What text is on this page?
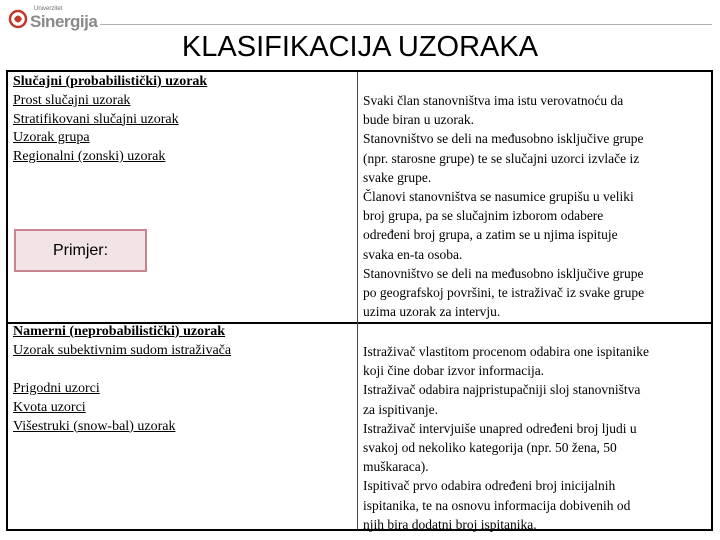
Univerzitet
Sinergija
KLASIFIKACIJA UZORAKA
Slučajni (probabilistički) uzorak
Prost slučajni uzorak
Stratifikovani slučajni uzorak
Uzorak grupa
Regionalni (zonski) uzorak
Primjer:
Svaki član stanovništva ima istu verovatnoću da
bude biran u uzorak.
Stanovništvo se deli na međusobno isključive grupe
(npr. starosne grupe) te se slučajni uzorci izvlače iz
svake grupe.
Članovi stanovništva se nasumice grupišu u veliki
broj grupa, pa se slučajnim izborom odabere
određeni broj grupa, a zatim se u njima ispituje
svaka en-ta osoba.
Stanovništvo se deli na međusobno isključive grupe
po geografskoj površini, te istraživač iz svake grupe
uzima uzorak za intervju.
Namerni (neprobabilistički) uzorak
Uzorak subektivnim sudom istraživača
Prigodni uzorci
Kvota uzorci
Višestruki (snow-bal) uzorak
Istraživač vlastitom procenom odabira one ispitanike
koji čine dobar izvor informacija.
Istraživač odabira najpristupačniji sloj stanovništva
za ispitivanje.
Istraživač intervjuiše unapred određeni broj ljudi u
svakoj od nekoliko kategorija (npr. 50 žena, 50
muškaraca).
Ispitivač prvo odabira određeni broj inicijalnih
ispitanika, te na osnovu informacija dobivenih od
njih bira dodatni broj ispitanika.
